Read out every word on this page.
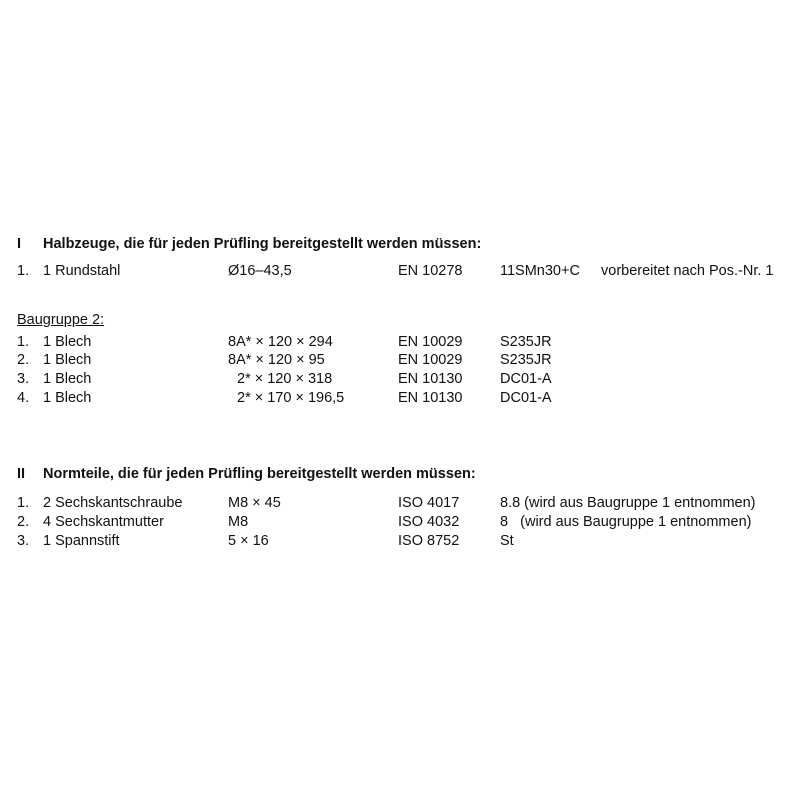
I Halbzeuge, die für jeden Prüfling bereitgestellt werden müssen:
1. 1 Rundstahl	Ø16–43,5	EN 10278	11SMn30+C vorbereitet nach Pos.-Nr. 1
Baugruppe 2:
1. 1 Blech	8A* × 120 × 294	EN 10029	S235JR
2. 1 Blech	8A* × 120 × 95	EN 10029	S235JR
3. 1 Blech	2* × 120 × 318	EN 10130	DC01-A
4. 1 Blech	2* × 170 × 196,5	EN 10130	DC01-A
II Normteile, die für jeden Prüfling bereitgestellt werden müssen:
1. 2 Sechskantschraube	M8 × 45	ISO 4017	8.8 (wird aus Baugruppe 1 entnommen)
2. 4 Sechskantmutter	M8	ISO 4032	8   (wird aus Baugruppe 1 entnommen)
3. 1 Spannstift	5 × 16	ISO 8752	St
